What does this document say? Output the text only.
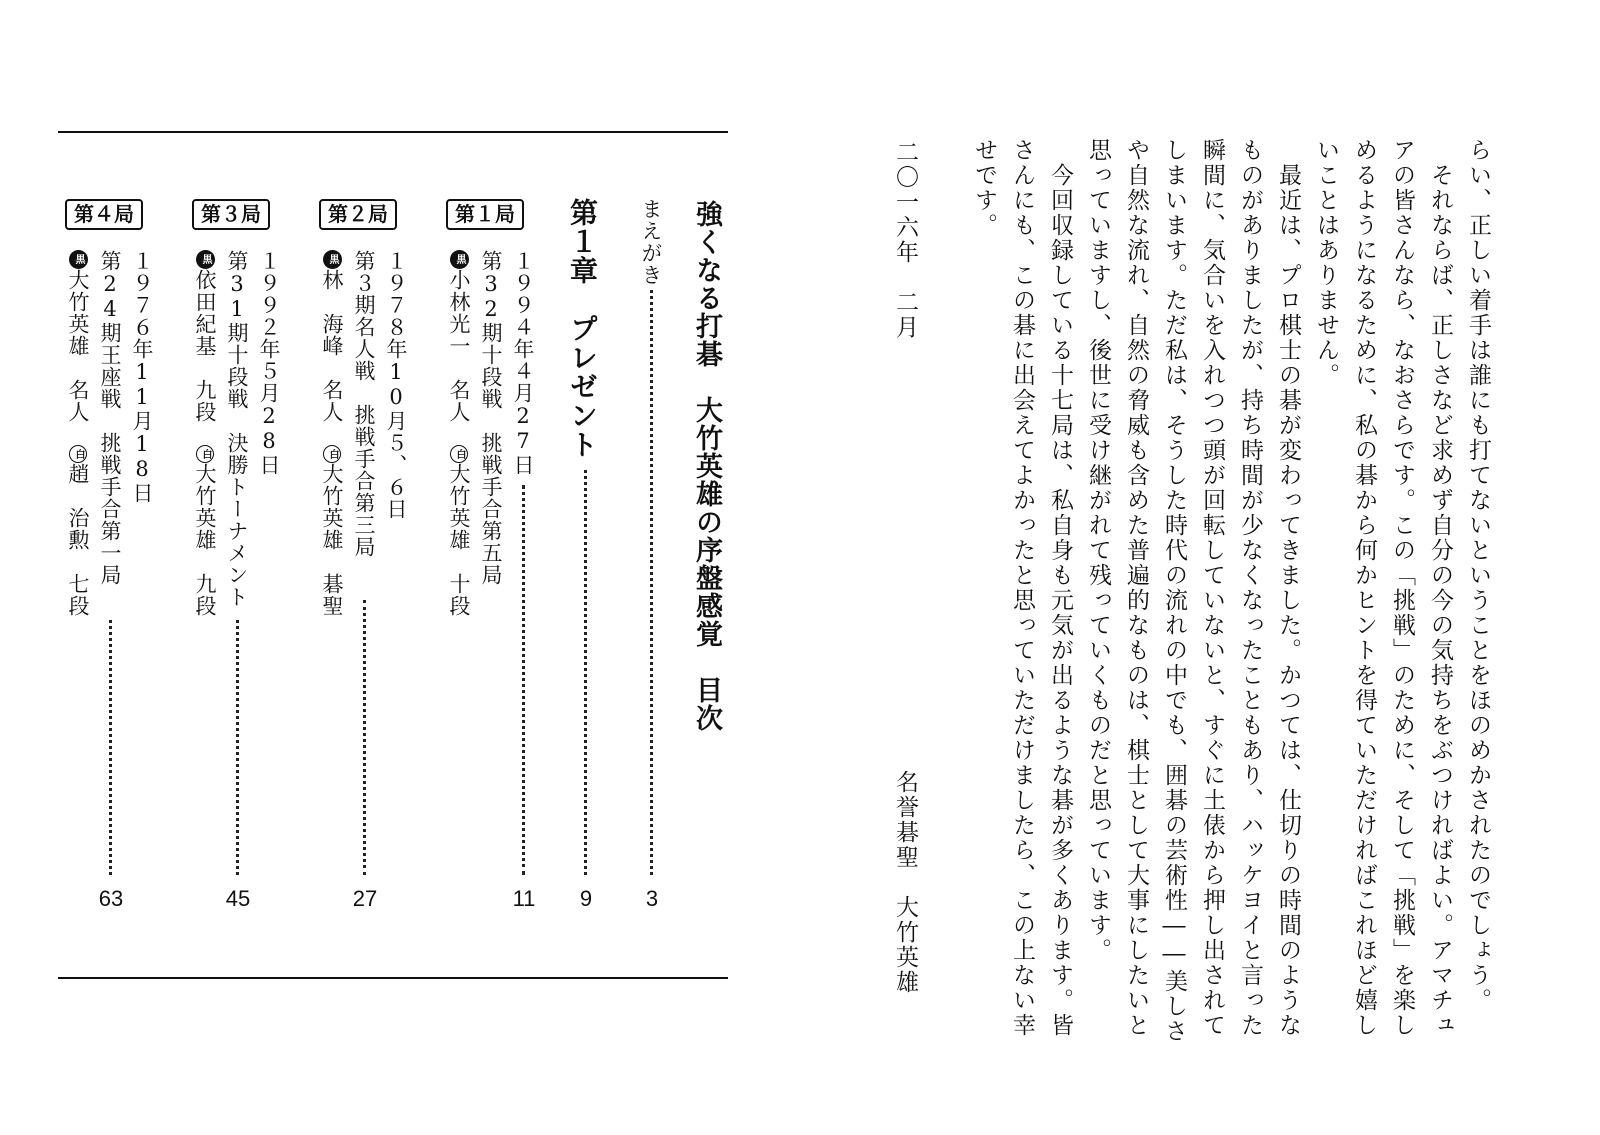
強くなる打碁　大竹英雄の序盤感覚　目次
まえがき
3
第１章　プレゼント
9
第１局
１９９４年４月27日
第32期十段戦　挑戦手合第五局
黒小林光一　名人　白大竹英雄　十段
11
第２局
１９７８年10月５、６日
第３期名人戦　挑戦手合第三局
黒林　海峰　名人　白大竹英雄　碁聖
27
第３局
１９９２年５月28日
第31期十段戦　決勝トーナメント
黒依田紀基　九段　白大竹英雄　九段
45
第４局
１９７６年11月18日
第24期王座戦　挑戦手合第一局
黒大竹英雄　名人　白趙　治勲　七段
63	らい、正しい着手は誰にも打てないということをほのめかされたのでしょう。
　それならば、正しさなど求めず自分の今の気持ちをぶつければよい。アマチュ
アの皆さんなら、なおさらです。この「挑戦」のために、そして「挑戦」を楽し
めるようになるために、私の碁から何かヒントを得ていただければこれほど嬉し
いことはありません。
　最近は、プロ棋士の碁が変わってきました。かつては、仕切りの時間のような
ものがありましたが、持ち時間が少なくなったこともあり、ハッケヨイと言った
瞬間に、気合いを入れつつ頭が回転していないと、すぐに土俵から押し出されて
しまいます。ただ私は、そうした時代の流れの中でも、囲碁の芸術性――美しさ
や自然な流れ、自然の脅威も含めた普遍的なものは、棋士として大事にしたいと
思っていますし、後世に受け継がれて残っていくものだと思っています。
　今回収録している十七局は、私自身も元気が出るような碁が多くあります。皆
さんにも、この碁に出会えてよかったと思っていただけましたら、この上ない幸
せです。
名誉碁聖　大竹英雄
二〇一六年　二月
